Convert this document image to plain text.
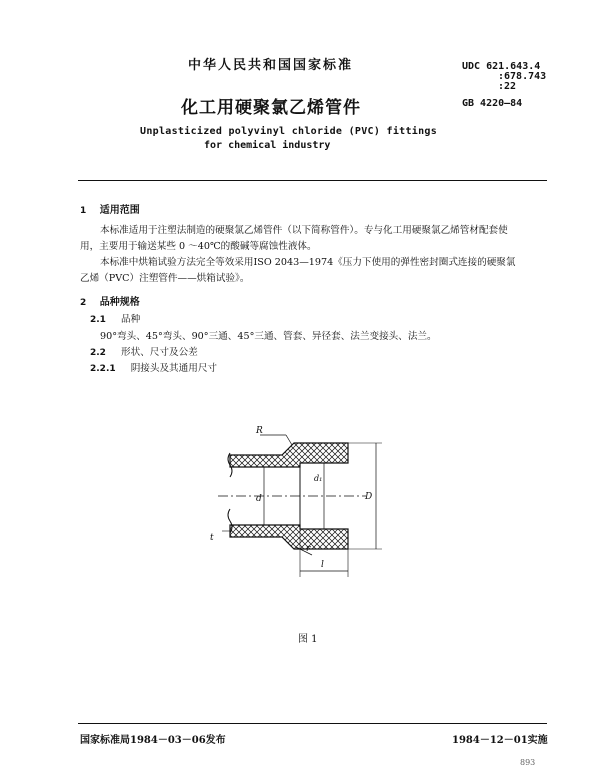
中华人民共和国国家标准	UDC 621.643.4
:678.743
:22
GB 4220—84
化工用硬聚氯乙烯管件
Unplasticized polyvinyl chloride (PVC) fittings
for chemical industry
1 适用范围
本标准适用于注塑法制造的硬聚氯乙烯管件（以下简称管件）。专与化工用硬聚氯乙烯管材配套使
用，主要用于输送某些 0 ～40℃的酸碱等腐蚀性液体。
本标准中烘箱试验方法完全等效采用ISO 2043—1974《压力下使用的弹性密封圈式连接的硬聚氯
乙烯（PVC）注塑管件——烘箱试验》。
2 品种规格
2.1 品种
90°弯头、45°弯头、90°三通、45°三通、管套、异径套、法兰变接头、法兰。
2.2 形状、尺寸及公差
2.2.1 阴接头及其通用尺寸
R
d
d₁
D
t
r
l
图 1
国家标准局1984－03－06发布	1984－12－01实施
893
